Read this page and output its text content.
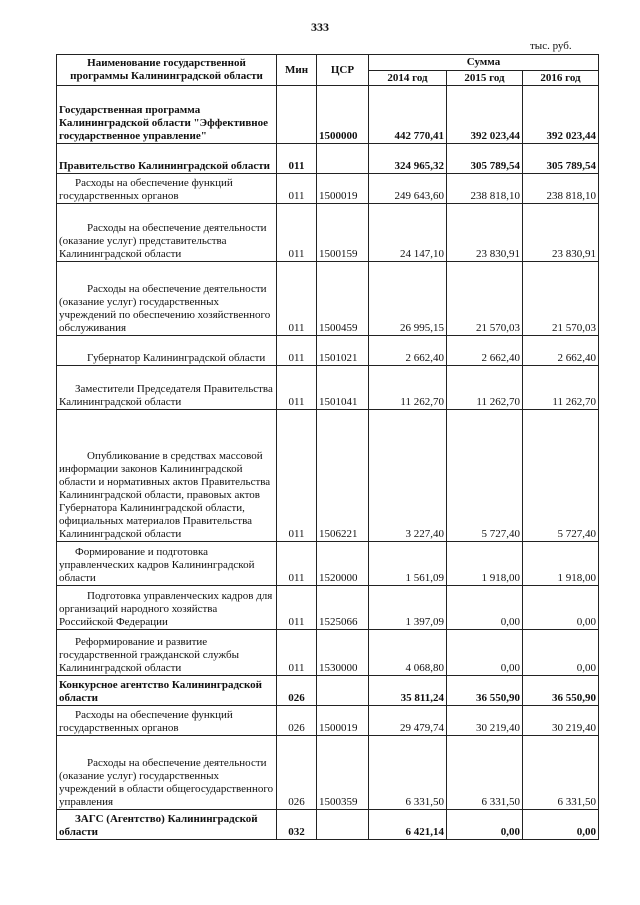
333
тыс. руб.
Наименование государственной программы Калининградской области	Мин	ЦСР	Сумма		
			2014 год	2015 год	2016 год
Государственная программа Калининградской области "Эффективное государственное управление"		1500000	442 770,41	392 023,44	392 023,44
Правительство Калининградской области	011		324 965,32	305 789,54	305 789,54
Расходы на обеспечение функций государственных органов	011	1500019	249 643,60	238 818,10	238 818,10
Расходы на обеспечение деятельности (оказание услуг) представительства Калининградской области	011	1500159	24 147,10	23 830,91	23 830,91
Расходы на обеспечение деятельности (оказание услуг) государственных учреждений по обеспечению хозяйственного обслуживания	011	1500459	26 995,15	21 570,03	21 570,03
Губернатор Калининградской области	011	1501021	2 662,40	2 662,40	2 662,40
Заместители Председателя Правительства Калининградской области	011	1501041	11 262,70	11 262,70	11 262,70
Опубликование в средствах массовой информации законов Калининградской области и нормативных актов Правительства Калининградской области, правовых актов Губернатора Калининградской области, официальных материалов Правительства Калининградской области	011	1506221	3 227,40	5 727,40	5 727,40
Формирование и подготовка управленческих кадров Калининградской области	011	1520000	1 561,09	1 918,00	1 918,00
Подготовка управленческих кадров для организаций народного хозяйства Российской Федерации	011	1525066	1 397,09	0,00	0,00
Реформирование и развитие государственной гражданской службы Калининградской области	011	1530000	4 068,80	0,00	0,00
Конкурсное агентство Калининградской области	026		35 811,24	36 550,90	36 550,90
Расходы на обеспечение функций государственных органов	026	1500019	29 479,74	30 219,40	30 219,40
Расходы на обеспечение деятельности (оказание услуг) государственных учреждений в области общегосударственного управления	026	1500359	6 331,50	6 331,50	6 331,50
ЗАГС (Агентство) Калининградской области	032		6 421,14	0,00	0,00
